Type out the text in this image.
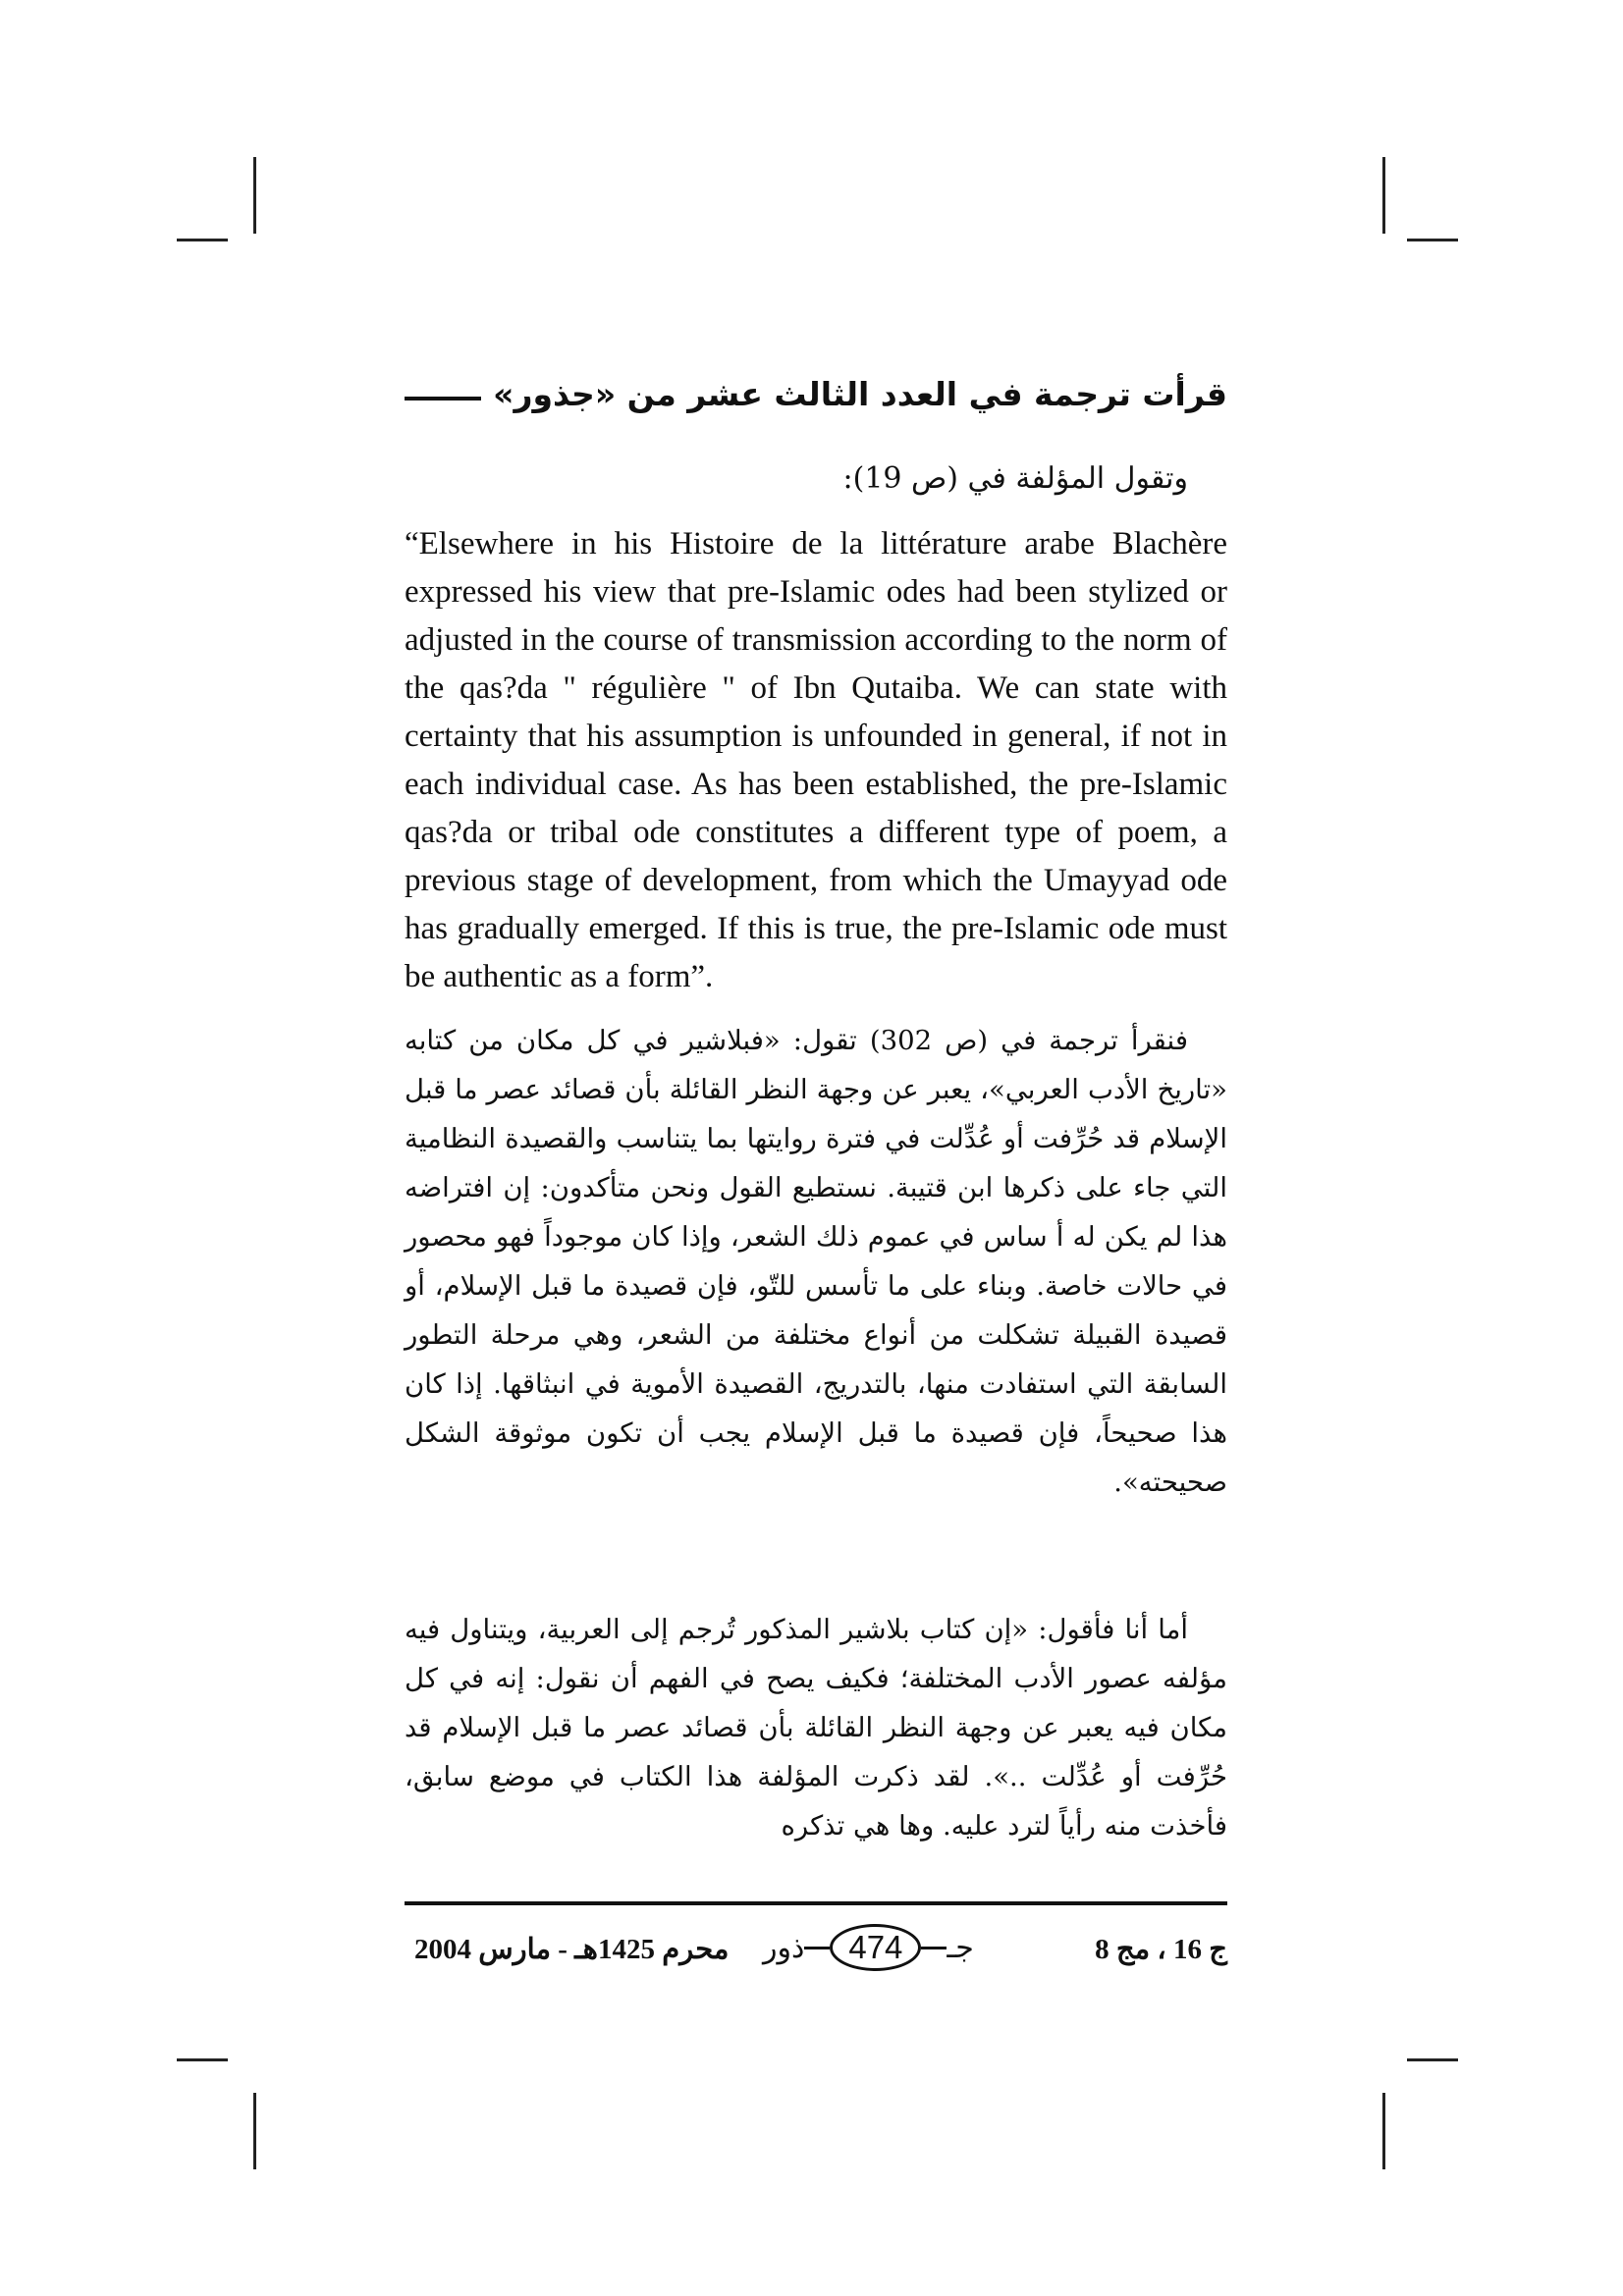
قرأت ترجمة في العدد الثالث عشر من «جذور»
وتقول المؤلفة في (ص 19):

“Elsewhere in his Histoire de la littérature arabe Blachère expressed his view that pre-Islamic odes had been stylized or adjusted in the course of transmission according to the norm of the qas?da " régulière " of Ibn Qutaiba. We can state with certainty that his assumption is unfounded in general, if not in each individual case. As has been established, the pre-Islamic qas?da or tribal ode constitutes a different type of poem, a previous stage of development, from which the Umayyad ode has gradually emerged. If this is true, the pre-Islamic ode must be authentic as a form”.

فنقرأ ترجمة في (ص 302) تقول: «فبلاشير في كل مكان من كتابه «تاريخ الأدب العربي»، يعبر عن وجهة النظر القائلة بأن قصائد عصر ما قبل الإسلام قد حُرِّفت أو عُدِّلت في فترة روايتها بما يتناسب والقصيدة النظامية التي جاء على ذكرها ابن قتيبة. نستطيع القول ونحن متأكدون: إن افتراضه هذا لم يكن له أ ساس في عموم ذلك الشعر، وإذا كان موجوداً فهو محصور في حالات خاصة. وبناء على ما تأسس للتّو، فإن قصيدة ما قبل الإسلام، أو قصيدة القبيلة تشكلت من أنواع مختلفة من الشعر، وهي مرحلة التطور السابقة التي استفادت منها، بالتدريج، القصيدة الأموية في انبثاقها. إذا كان هذا صحيحاً، فإن قصيدة ما قبل الإسلام يجب أن تكون موثوقة الشكل صحيحته».

أما أنا فأقول: «إن كتاب بلاشير المذكور تُرجم إلى العربية، ويتناول فيه مؤلفه عصور الأدب المختلفة؛ فكيف يصح في الفهم أن نقول: إنه في كل مكان فيه يعبر عن وجهة النظر القائلة بأن قصائد عصر ما قبل الإسلام قد حُرِّفت أو عُدِّلت ..». لقد ذكرت المؤلفة هذا الكتاب في موضع سابق، فأخذت منه رأياً لترد عليه. وها هي تذكره

ج 16 ، مج 8
ذور	474	جـ
محرم 1425هـ - مارس 2004
